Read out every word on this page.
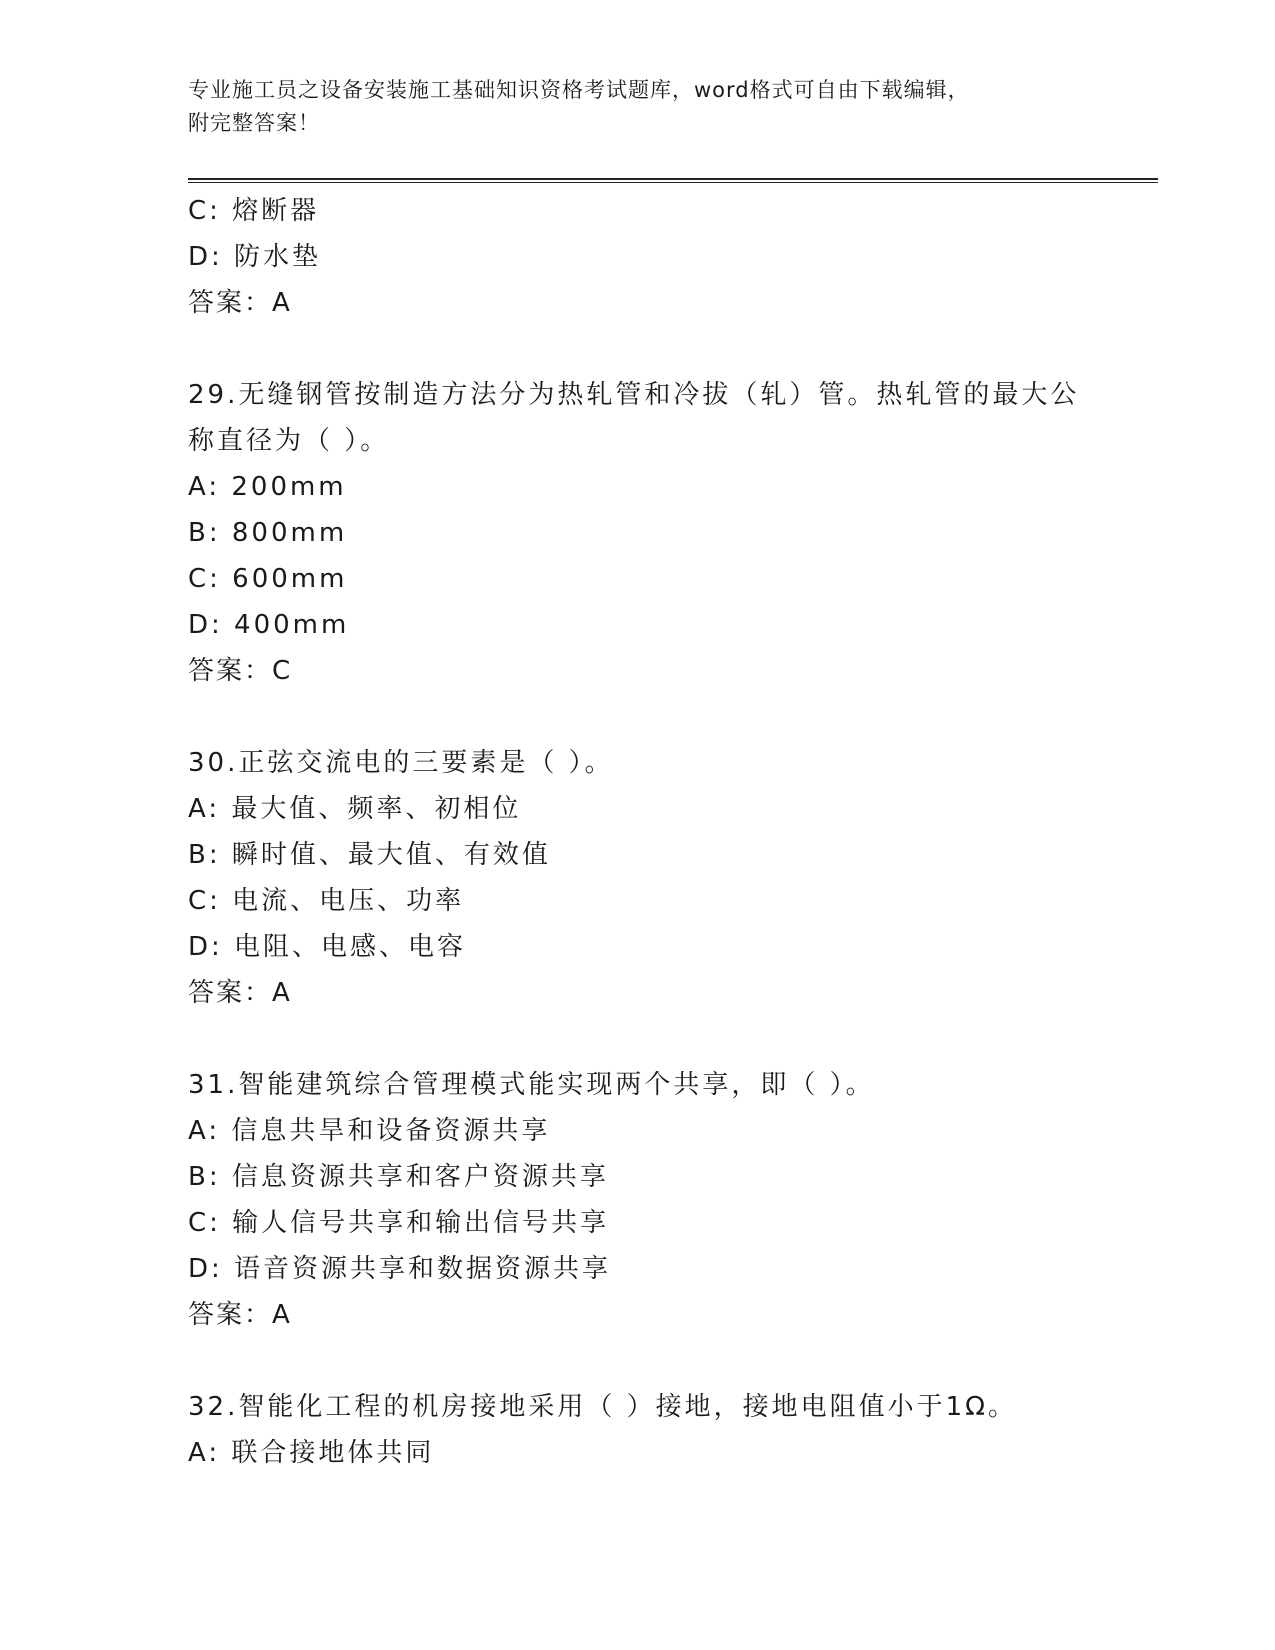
专业施工员之设备安装施工基础知识资格考试题库，word格式可自由下载编辑，
附完整答案！
C: 熔断器
D: 防水垫
答案：A
29.无缝钢管按制造方法分为热轧管和冷拔（轧）管。热轧管的最大公
称直径为（ ）。
A: 200mm
B: 800mm
C: 600mm
D: 400mm
答案：C
30.正弦交流电的三要素是（ ）。
A: 最大值、频率、初相位
B: 瞬时值、最大值、有效值
C: 电流、电压、功率
D: 电阻、电感、电容
答案：A
31.智能建筑综合管理模式能实现两个共享，即（ ）。
A: 信息共旱和设备资源共享
B: 信息资源共享和客户资源共享
C: 输人信号共享和输出信号共享
D: 语音资源共享和数据资源共享
答案：A
32.智能化工程的机房接地采用（ ）接地，接地电阻值小于1Ω。
A: 联合接地体共同
